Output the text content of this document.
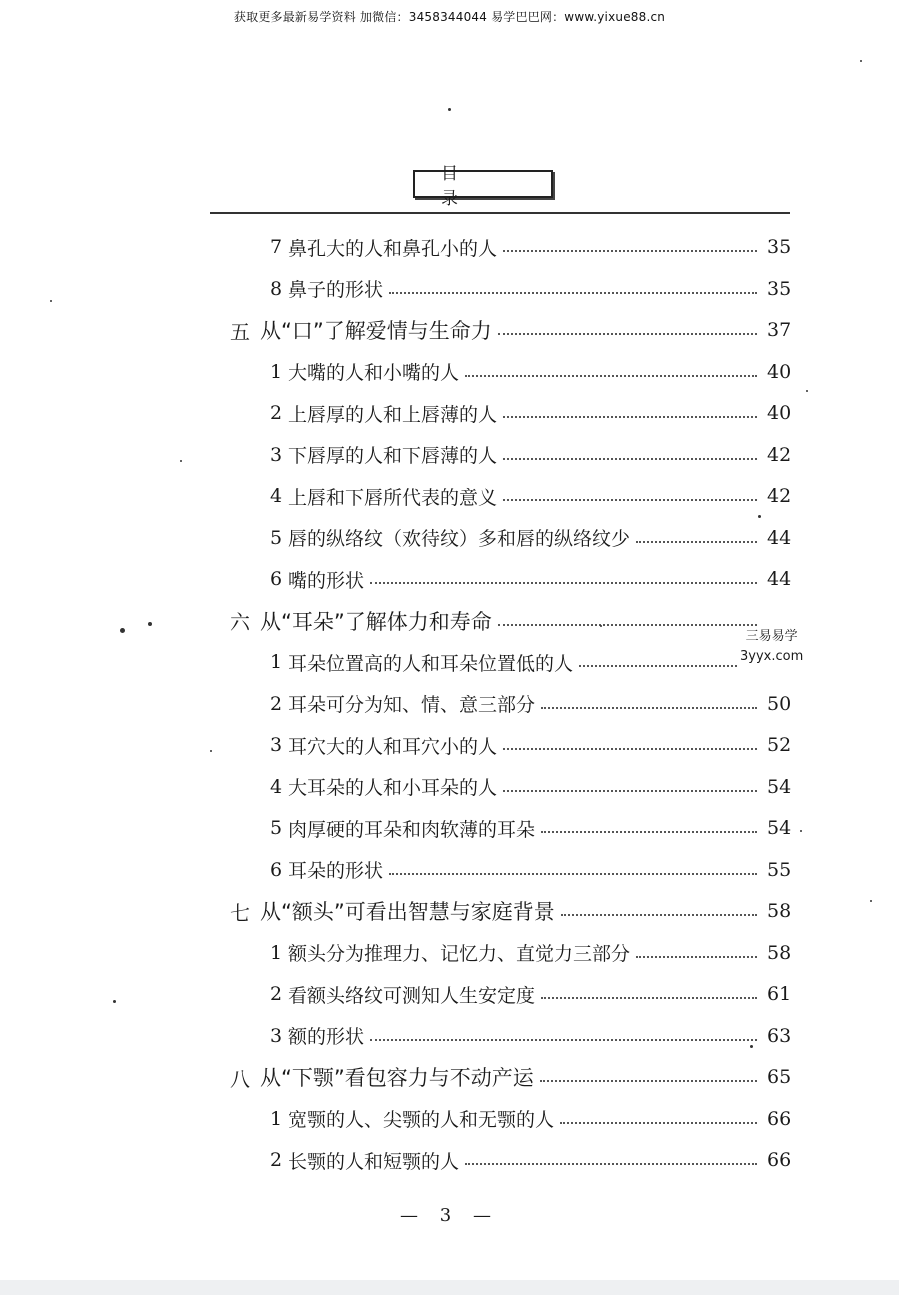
获取更多最新易学资料 加微信：3458344044 易学巴巴网：www.yixue88.cn
目 录
7 鼻孔大的人和鼻孔小的人	35
8 鼻子的形状	35
五 从“口”了解爱情与生命力	37
1 大嘴的人和小嘴的人	40
2 上唇厚的人和上唇薄的人	40
3 下唇厚的人和下唇薄的人	42
4 上唇和下唇所代表的意义	42
5 唇的纵络纹（欢待纹）多和唇的纵络纹少	44
6 嘴的形状	44
六 从“耳朵”了解体力和寿命
1 耳朵位置高的人和耳朵位置低的人
2 耳朵可分为知、情、意三部分	50
3 耳穴大的人和耳穴小的人	52
4 大耳朵的人和小耳朵的人	54
5 肉厚硬的耳朵和肉软薄的耳朵	54
6 耳朵的形状	55
七 从“额头”可看出智慧与家庭背景	58
1 额头分为推理力、记忆力、直觉力三部分	58
2 看额头络纹可测知人生安定度	61
3 额的形状	63
八 从“下颚”看包容力与不动产运	65
1 宽颚的人、尖颚的人和无颚的人	66
2 长颚的人和短颚的人	66
三易易学
3yyx.com
— 3 —
